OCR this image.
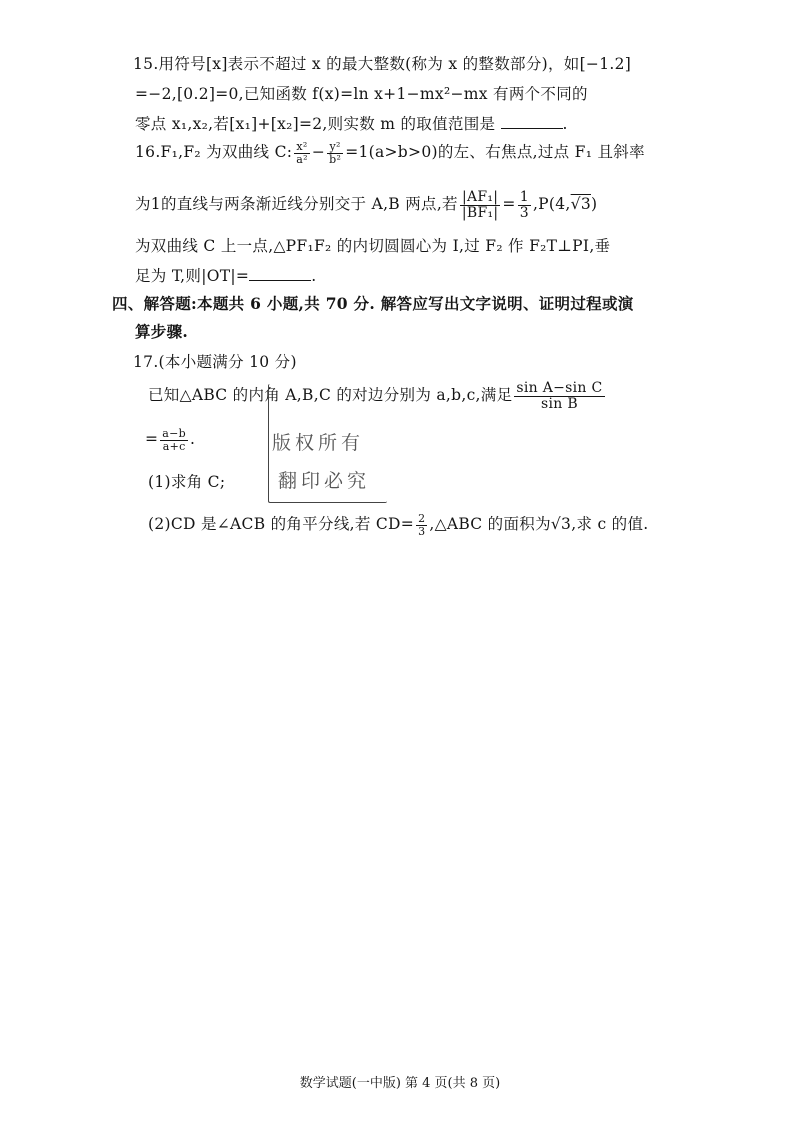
15.用符号[x]表示不超过 x 的最大整数(称为 x 的整数部分)，如[−1.2]
=−2,[0.2]=0,已知函数 f(x)=ln x+1−mx²−mx 有两个不同的
零点 x₁,x₂,若[x₁]+[x₂]=2,则实数 m 的取值范围是	.
16.F₁,F₂ 为双曲线 C: $\frac{\text{x²}}{\text{a²}} - \frac{\text{y²}}{\text{b²}} =1(a>b>0)$的左、右焦点,过点 F₁ 且斜率
为1的直线与两条渐近线分别交于 A,B 两点,若 $\frac{\text{|AF₁|}}{\text{|BF₁|}} = \frac{1}{3} ,P(4,√3)$
为双曲线 C 上一点,△PF₁F₂ 的内切圆圆心为 I,过 F₂ 作 F₂T⊥PI,垂
足为 T,则|OT|=	.
四、解答题:本题共 6 小题,共 70 分. 解答应写出文字说明、证明过程或演
算步骤.
17.(本小题满分 10 分)
已知△ABC 的内角 A,B,C 的对边分别为 a,b,c,满足 $\frac{\text{sin A−sin C}}{\text{sin B}}$
= $\frac{a-b}{a+c}$ .
(1)求角 C;
(2)CD 是∠ACB 的角平分线,若 $CD= \frac{2}{3}$ ,△ABC 的面积为√3,求 c 的值.
版权所有
翻印必究
数学试题(一中版) 第 4 页(共 8 页)
